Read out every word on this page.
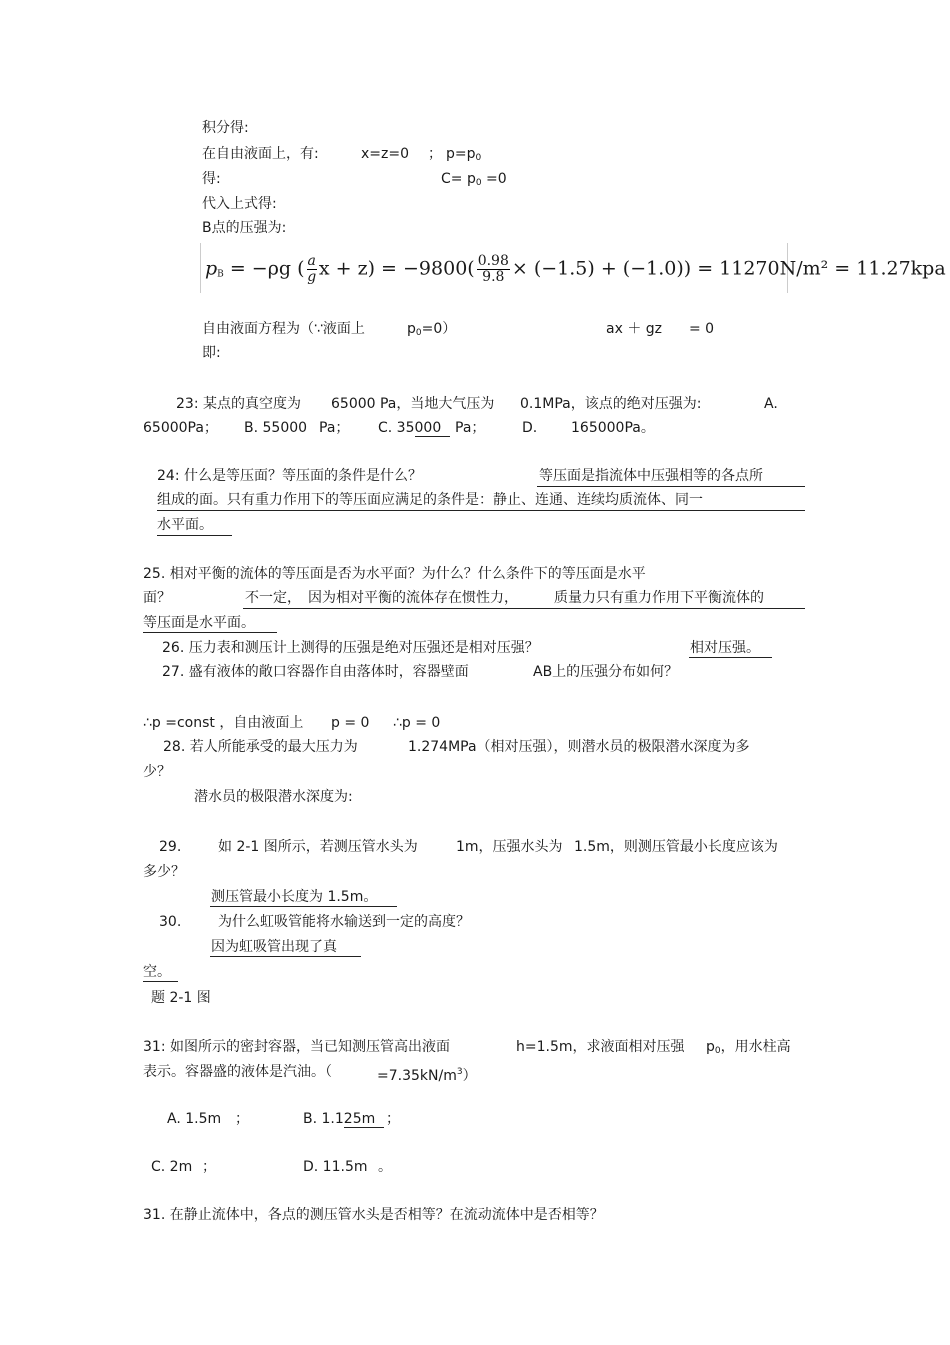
积分得:
在自由液面上，有:	x=z=0 ； $p=p_0$
得:	$C= p_0 =0$
代入上式得:
B点的压强为:
$p_B = -\rho g$ ( $\frac{a}{g}$ $x + z) = -9800( \frac{0.98}{9.8} \times (-1.5) + (-1.0)) = 11270N/m^2 = 11.27kpa$
自由液面方程为（∵液面上	$p_0=0$）	ax ＋ gz = 0
即:
23: 某点的真空度为 65000 Pa，当地大气压为 0.1MPa，该点的绝对压强为:	A.
65000Pa； B. 55000 Pa； C. 35000 Pa；	D. 165000Pa。
24: 什么是等压面？等压面的条件是什么？	等压面是指流体中压强相等的各点所
组成的面。只有重力作用下的等压面应满足的条件是：静止、连通、连续均质流体、同一
水平面。
25. 相对平衡的流体的等压面是否为水平面？为什么？什么条件下的等压面是水平
面？	不一定， 因为相对平衡的流体存在惯性力，	质量力只有重力作用下平衡流体的
等压面是水平面。
26. 压力表和测压计上测得的压强是绝对压强还是相对压强？	相对压强。
27. 盛有液体的敞口容器作自由落体时，容器壁面	AB上的压强分布如何？
∴p =const ，自由液面上 p = 0 ∴p = 0
28. 若人所能承受的最大压力为	1.274MPa（相对压强），则潜水员的极限潜水深度为多
少？
潜水员的极限潜水深度为:
29.	如 2-1 图所示，若测压管水头为	1m，压强水头为 1.5m，则测压管最小长度应该为
多少？
测压管最小长度为 1.5m。
30.	为什么虹吸管能将水输送到一定的高度？
因为虹吸管出现了真
空。
题 2-1 图
31: 如图所示的密封容器，当已知测压管高出液面	h=1.5m，求液面相对压强 $p_0$，用水柱高
表示。容器盛的液体是汽油。（	$=7.35kN/m^3$）
A. 1.5m ；	B. 1.125m ；
C. 2m ；	D. 11.5m 。
31. 在静止流体中，各点的测压管水头是否相等？在流动流体中是否相等？
